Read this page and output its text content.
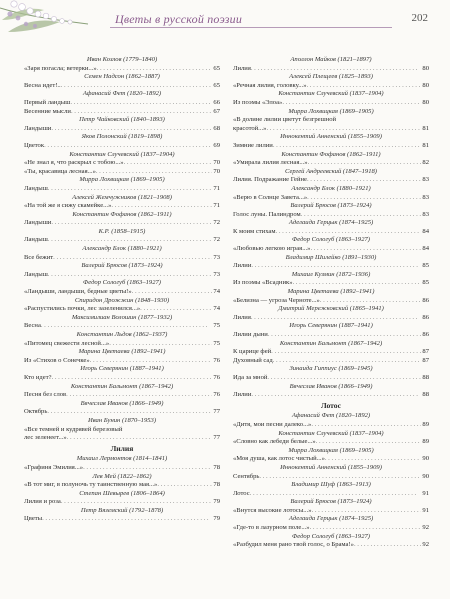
Цветы в русской поэзии	202
Иван Козлов (1779–1840)
«Заря погасла; ветерки...» . . .	65
Семен Надсон (1862–1887)
Весна идет!.. . . .	65
Афанасий Фет (1820–1892)
Первый ландыш . . .	66
Весенние мысли . . .	67
Петр Чайковский (1840–1893)
Ландыши . . .	68
Яков Полонский (1819–1898)
Цветок . . .	69
Константин Случевский (1837–1904)
«Не знал я, что раскрыл с тобою...» . . .	70
«Ты, красавица лесная...» . . .	70
Мирра Лохвицкая (1869–1905)
Ландыш . . .	71
Алексей Жемчужников (1821–1908)
«На той же я сижу скамейке...» . . .	71
Константин Фофанов (1862–1911)
Ландыши . . .	72
К.Р. (1858–1915)
Ландыш . . .	72
Александр Блок (1880–1921)
Все бежит . . .	73
Валерий Брюсов (1873–1924)
Ландыш . . .	73
Федор Сологуб (1863–1927)
«Ландыши, ландыши, бедные цветы!» . . .	74
Спиридон Дрожжин (1848–1930)
«Распустились почки, лес зазеленился...» . . .	74
Максимилиан Волошин (1877–1932)
Весна . . .	75
Константин Льдов (1862–1937)
«Питомец свежести лесной...» . . .	75
Марина Цветаева (1892–1941)
Из «Стихов о Сонечке» . . .	76
Игорь Северянин (1887–1941)
Кто идет? . . .	76
Константин Бальмонт (1867–1942)
Песня без слов . . .	76
Вячеслав Иванов (1866–1949)
Октябрь . . .	77
Иван Бунин (1870–1953)
«Все темней и кудрявей березовый
лес зеленеет...» . . .	77
Лилия
Михаил Лермонтов (1814–1841)
«Графиня Эмилия...» . . .	78
Лев Мей (1822–1862)
«В тот миг, в полуночь ту таинственную мая...» . . .	78
Степан Шевырев (1806–1864)
Лилия и роза . . .	79
Петр Вяземский (1792–1878)
Цветы . . .	79
Аполлон Майков (1821–1897)
Лилия . . .	80
Алексей Плещеев (1825–1893)
«Речная лилия, головку...» . . .	80
Константин Случевский (1837–1904)
Из поэмы «Элоа» . . .	80
Мирра Лохвицкая (1869–1905)
«В долине лилии цветут безгрешной
красотой...» . . .	81
Иннокентий Анненский (1855–1909)
Зимние лилии . . .	81
Константин Фофанов (1862–1911)
«Умирала лилия лесная...» . . .	82
Сергей Андреевский (1847–1918)
Лилия. Подражание Гейне . . .	83
Александр Блок (1880–1921)
«Верю в Солнце Завета...» . . .	83
Валерий Брюсов (1873–1924)
Голос луны. Палиндром . . .	83
Аделаида Герцык (1874–1925)
К моим стихам . . .	84
Федор Сологуб (1863–1927)
«Любовью легкою играя...» . . .	84
Владимир Шилейко (1891–1930)
Лилии . . .	85
Михаил Кузмин (1872–1936)
Из поэмы «Всадник» . . .	85
Марина Цветаева (1892–1941)
«Белизна — угроза Черноте...» . . .	86
Дмитрий Мережковский (1865–1941)
Лилия . . .	86
Игорь Северянин (1887–1941)
Лилии дыни . . .	86
Константин Бальмонт (1867–1942)
К царице фей . . .	87
Духовный сад . . .	87
Зинаида Гиппиус (1869–1945)
Ида за мной . . .	88
Вячеслав Иванов (1866–1949)
Лилии . . .	88
Лотос
Афанасий Фет (1820–1892)
«Дитя, мои песни далеко...» . . .	89
Константин Случевский (1837–1904)
«Словно как лебеди белые...» . . .	89
Мирра Лохвицкая (1869–1905)
«Моя душа, как лотос чистый...» . . .	90
Иннокентий Анненский (1855–1909)
Сентябрь . . .	90
Владимир Шуф (1863–1913)
Лотос . . .	91
Валерий Брюсов (1873–1924)
«Внутся высокие лотосы...» . . .	91
Аделаида Герцык (1874–1925)
«Где-то в лазурном поле...» . . .	92
Федор Сологуб (1863–1927)
«Разбудил меня рано твой голос, о Брама!» . . .	92
